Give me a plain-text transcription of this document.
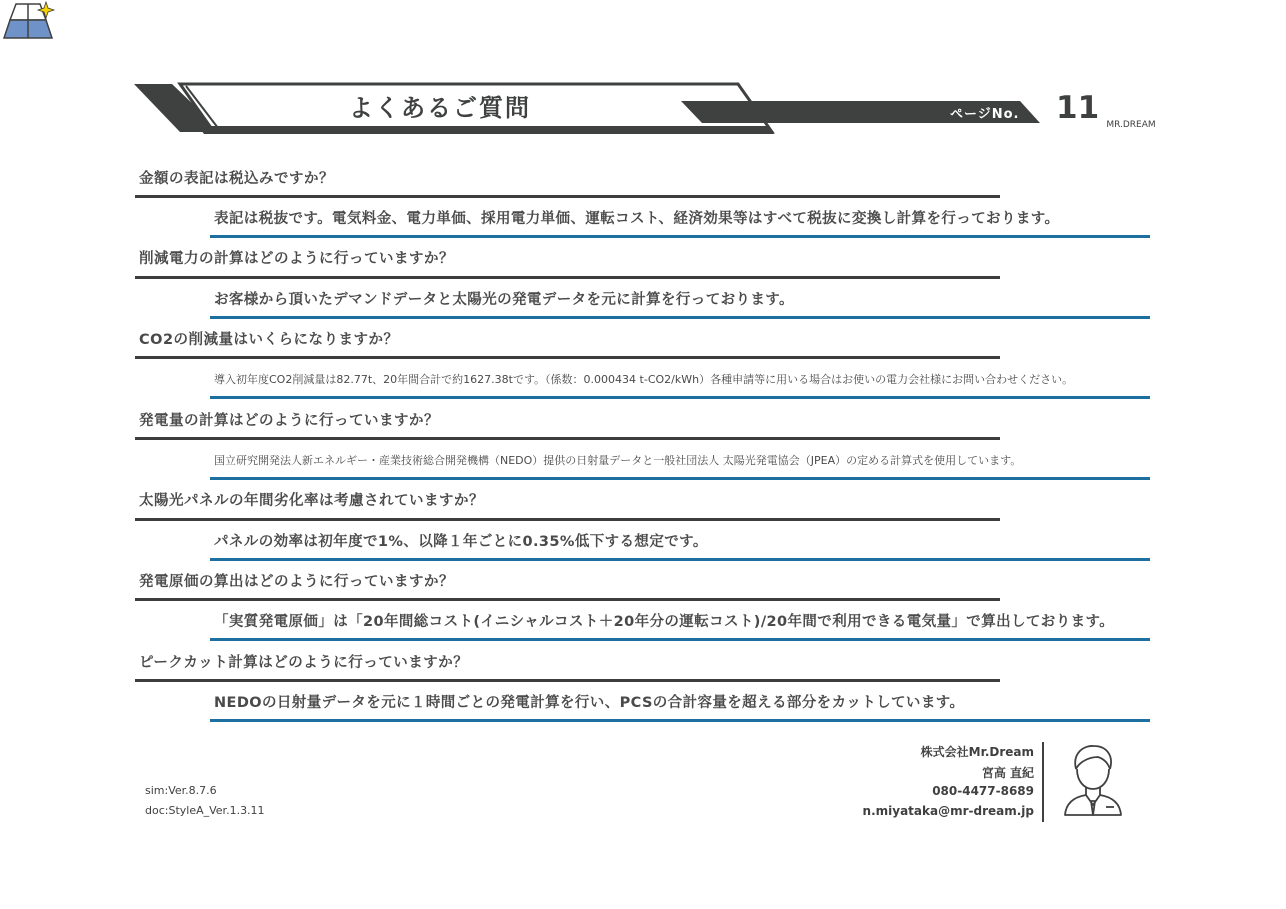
よくあるご質問	ページNo. 11 MR.DREAM
金額の表記は税込みですか？
表記は税抜です。電気料金、電力単価、採用電力単価、運転コスト、経済効果等はすべて税抜に変換し計算を行っております。
削減電力の計算はどのように行っていますか？
お客様から頂いたデマンドデータと太陽光の発電データを元に計算を行っております。
CO2の削減量はいくらになりますか？
導入初年度CO2削減量は82.77t、20年間合計で約1627.38tです。（係数：0.000434 t-CO2/kWh）各種申請等に用いる場合はお使いの電力会社様にお問い合わせください。
発電量の計算はどのように行っていますか？
国立研究開発法人新エネルギー・産業技術総合開発機構（NEDO）提供の日射量データと一般社団法人 太陽光発電協会（JPEA）の定める計算式を使用しています。
太陽光パネルの年間劣化率は考慮されていますか？
パネルの効率は初年度で1%、以降１年ごとに0.35%低下する想定です。
発電原価の算出はどのように行っていますか？
「実質発電原価」は「20年間総コスト(イニシャルコスト＋20年分の運転コスト)/20年間で利用できる電気量」で算出しております。
ピークカット計算はどのように行っていますか？
NEDOの日射量データを元に１時間ごとの発電計算を行い、PCSの合計容量を超える部分をカットしています。
sim:Ver.8.7.6
doc:StyleA_Ver.1.3.11
株式会社Mr.Dream
宮高 直紀
080-4477-8689
n.miyataka@mr-dream.jp
